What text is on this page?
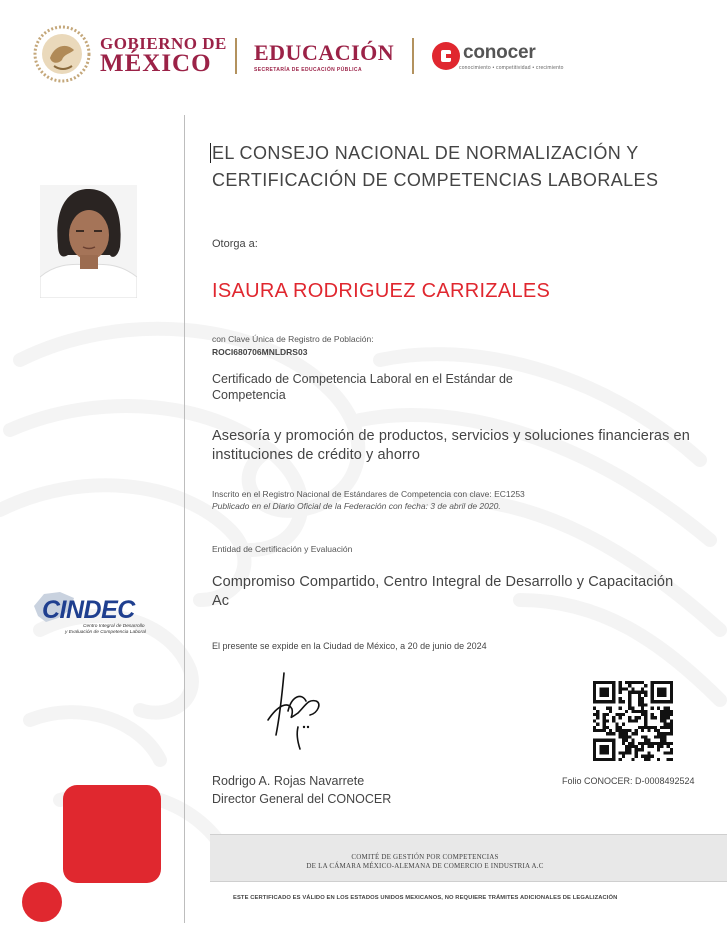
GOBIERNO DE
MÉXICO EDUCACIÓN
SECRETARÍA DE EDUCACIÓN PÚBLICA
conocer
conocimiento • competitividad • crecimiento
EL CONSEJO NACIONAL DE NORMALIZACIÓN Y CERTIFICACIÓN DE COMPETENCIAS LABORALES
Otorga a:
ISAURA RODRIGUEZ CARRIZALES
con Clave Única de Registro de Población:
ROCI680706MNLDRS03
Certificado de Competencia Laboral en el Estándar de Competencia
Asesoría y promoción de productos, servicios y soluciones financieras en instituciones de crédito y ahorro
Inscrito en el Registro Nacional de Estándares de Competencia con clave: EC1253
Publicado en el Diario Oficial de la Federación con fecha: 3 de abril de 2020.
Entidad de Certificación y Evaluación
Compromiso Compartido, Centro Integral de Desarrollo y Capacitación Ac
El presente se expide en la Ciudad de México, a 20 de junio de 2024
CINDEC
Centro Integral de Desarrollo
y Evaluación de Competencia Laboral
Rodrigo A. Rojas Navarrete
Director General del CONOCER
Folio CONOCER: D-0008492524
COMITÉ DE GESTIÓN POR COMPETENCIAS
DE LA CÁMARA MÉXICO-ALEMANA DE COMERCIO E INDUSTRIA A.C
ESTE CERTIFICADO ES VÁLIDO EN LOS ESTADOS UNIDOS MEXICANOS, NO REQUIERE TRÁMITES ADICIONALES DE LEGALIZACIÓN
